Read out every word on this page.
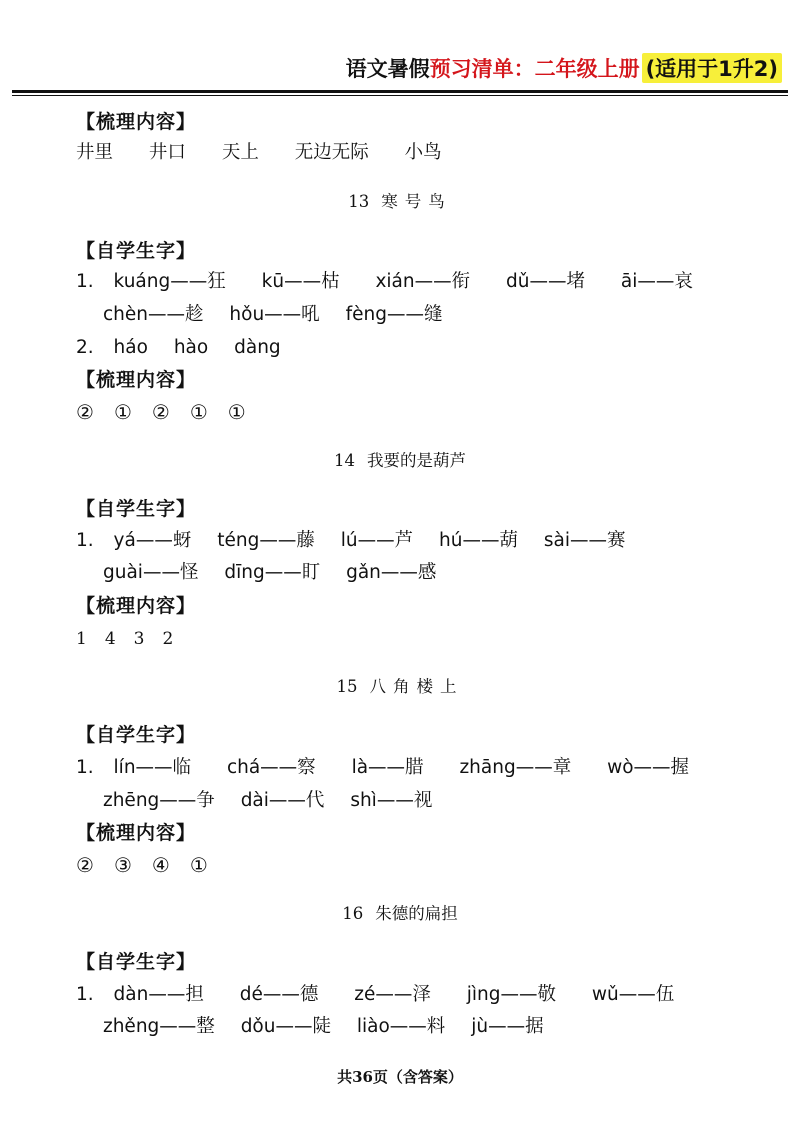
语文暑假 预习清单：二年级上册 (适用于1升2)
【梳理内容】
井里 井口 天上 无边无际 小鸟
13 寒号鸟
【自学生字】
1. kuáng——狂 kū——枯 xián——衔 dǔ——堵 āi——哀
chèn——趁 hǒu——吼 fèng——缝
2. háo hào dàng
【梳理内容】
② ① ② ① ①
14 我要的是葫芦
【自学生字】
1. yá——蚜 téng——藤 lú——芦 hú——葫 sài——赛
guài——怪 dīng——盯 gǎn——感
【梳理内容】
1 4 3 2
15 八角楼上
【自学生字】
1. lín——临 chá——察 là——腊 zhāng——章 wò——握
zhēng——争 dài——代 shì——视
【梳理内容】
② ③ ④ ①
16 朱德的扁担
【自学生字】
1. dàn——担 dé——德 zé——泽 jìng——敬 wǔ——伍
zhěng——整 dǒu——陡 liào——料 jù——据
共36页（含答案）
